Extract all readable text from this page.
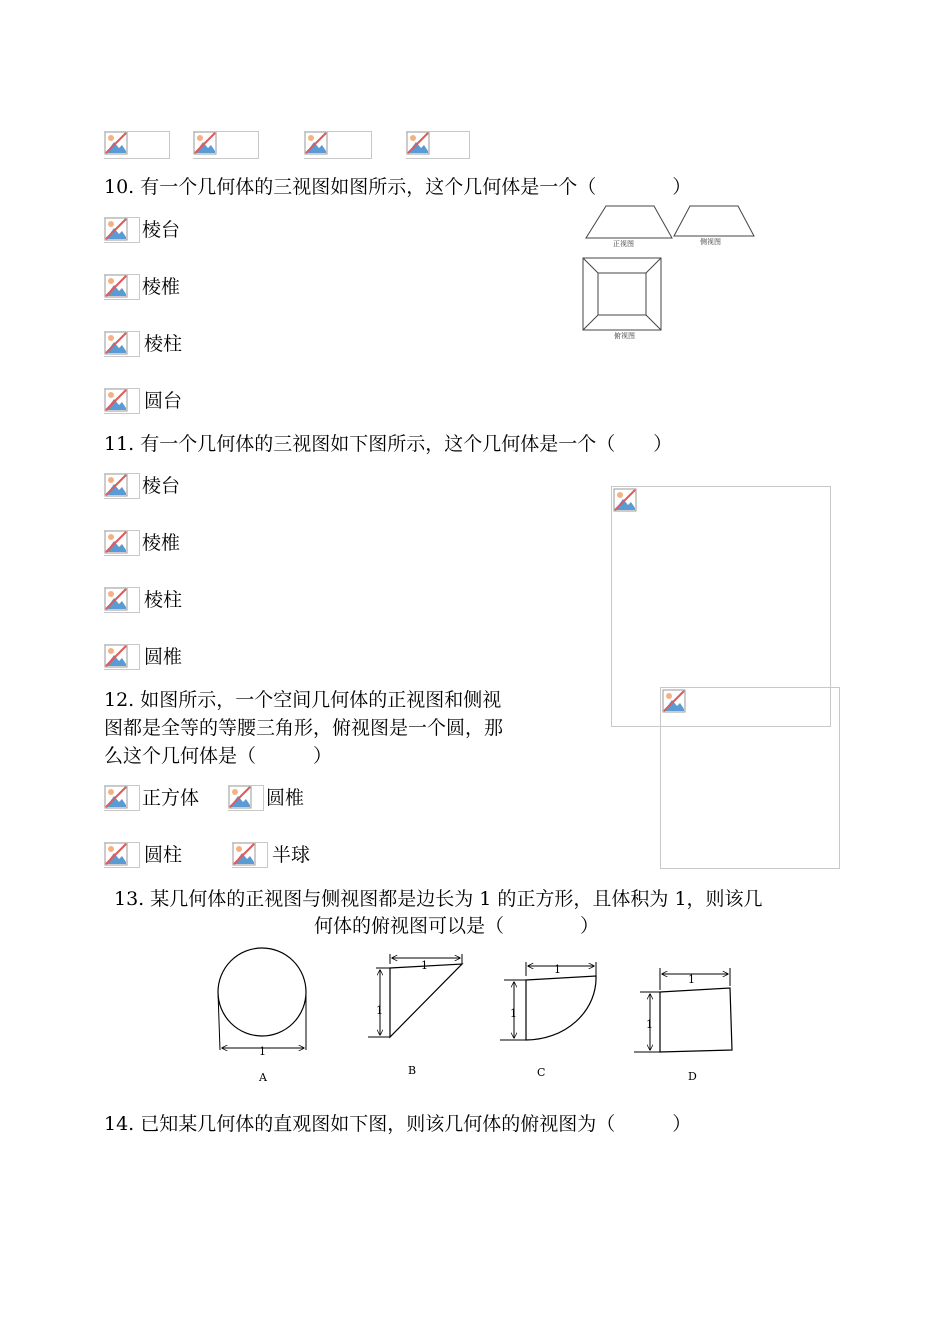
10. 有一个几何体的三视图如图所示，这个几何体是一个（　　　　）
棱台
棱椎
棱柱
圆台
正视图	侧视图
俯视图
11. 有一个几何体的三视图如下图所示，这个几何体是一个（　　）
棱台
棱椎
棱柱
圆椎
12. 如图所示，一个空间几何体的正视图和侧视
图都是全等的等腰三角形，俯视图是一个圆，那
么这个几何体是（　　　）
正方体	圆椎
圆柱	半球
13. 某几何体的正视图与侧视图都是边长为 1 的正方形，且体积为 1，则该几
何体的俯视图可以是（　　　　）
1
A
1
1
B
1
1
C
1
1
D
14. 已知某几何体的直观图如下图，则该几何体的俯视图为（　　　）
